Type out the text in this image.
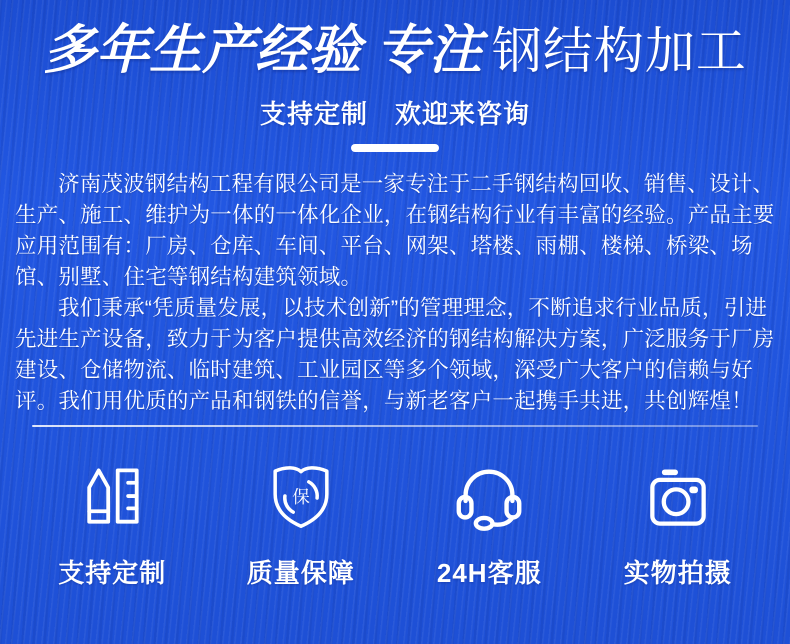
多年生产经验 专注 钢结构加工
支持定制　欢迎来咨询

济南茂波钢结构工程有限公司是一家专注于二手钢结构回收、销售、设计、生产、施工、维护为一体的一体化企业，在钢结构行业有丰富的经验。产品主要应用范围有：厂房、仓库、车间、平台、网架、塔楼、雨棚、楼梯、桥梁、场馆、别墅、住宅等钢结构建筑领域。

我们秉承“凭质量发展，以技术创新”的管理理念，不断追求行业品质，引进先进生产设备，致力于为客户提供高效经济的钢结构解决方案，广泛服务于厂房建设、仓储物流、临时建筑、工业园区等多个领域，深受广大客户的信赖与好评。我们用优质的产品和钢铁的信誉，与新老客户一起携手共进，共创辉煌！

支持定制
保
质量保障	24H客服	实物拍摄
